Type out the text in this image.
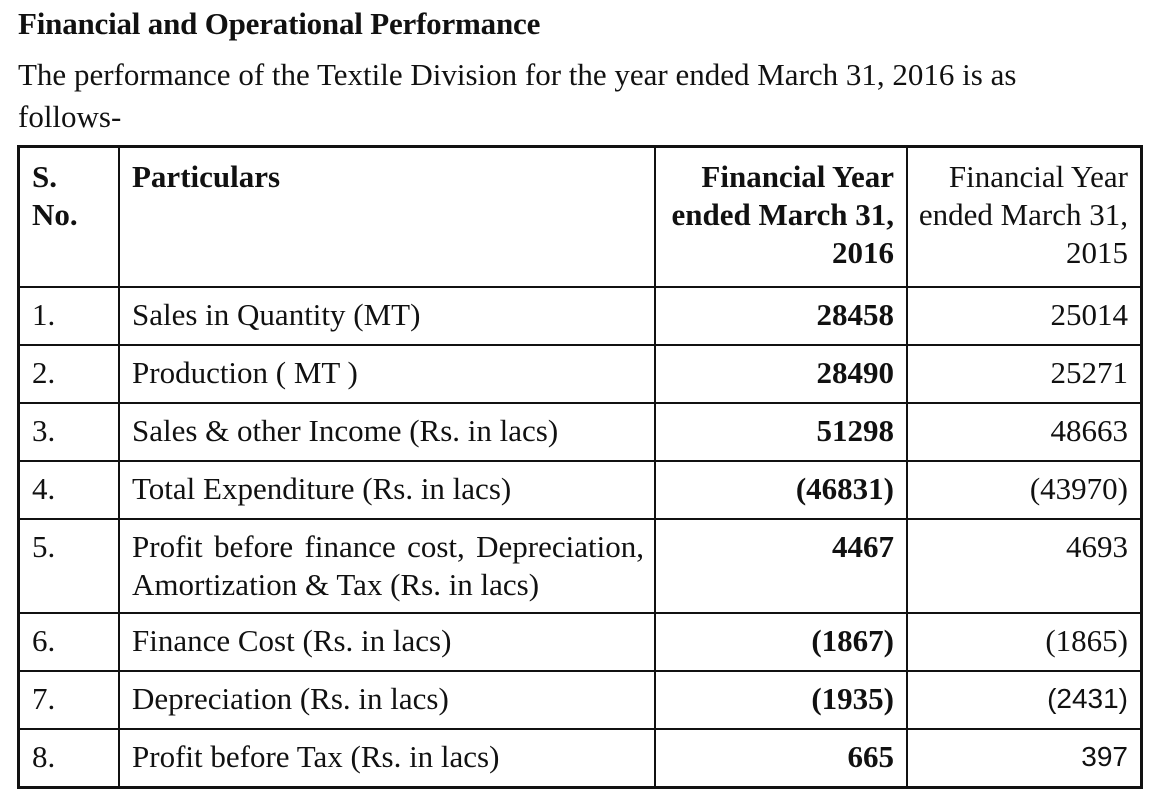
Financial and Operational Performance
The performance of the Textile Division for the year ended March 31, 2016 is as follows-
S. No.	Particulars	Financial Year ended March 31, 2016	Financial Year ended March 31, 2015
1.	Sales in Quantity (MT)	28458	25014
2.	Production ( MT )	28490	25271
3.	Sales & other Income (Rs. in lacs)	51298	48663
4.	Total Expenditure (Rs. in lacs)	(46831)	(43970)
5.	Profit before finance cost, Depreciation, Amortization & Tax (Rs. in lacs)	4467	4693
6.	Finance Cost (Rs. in lacs)	(1867)	(1865)
7.	Depreciation (Rs. in lacs)	(1935)	(2431)
8.	Profit before Tax (Rs. in lacs)	665	397
